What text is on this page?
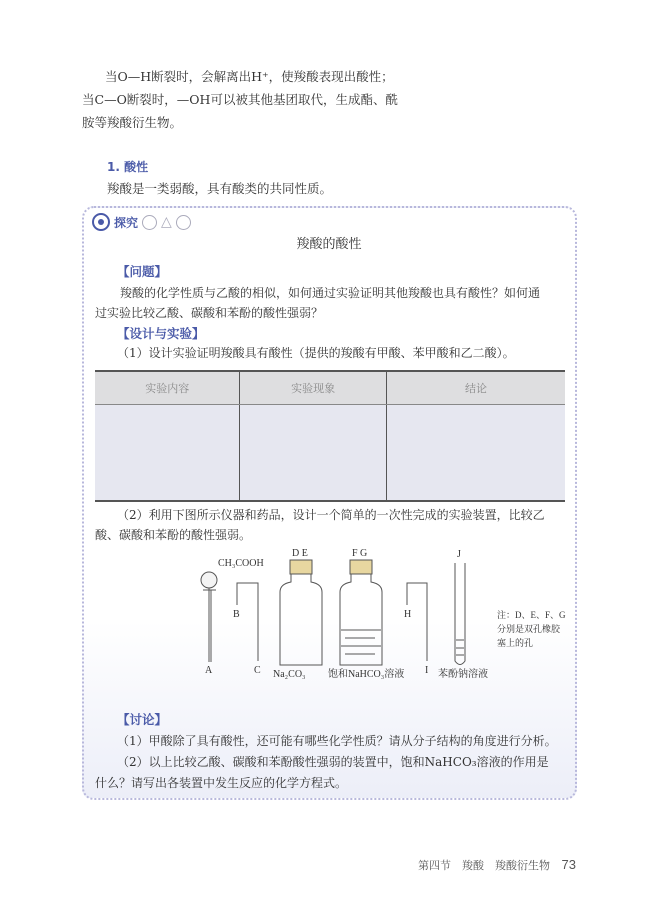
当O—H断裂时，会解离出H⁺，使羧酸表现出酸性；
当C—O断裂时，—OH可以被其他基团取代，生成酯、酰
胺等羧酸衍生物。
1. 酸性
羧酸是一类弱酸，具有酸类的共同性质。
探究 △
羧酸的酸性
【问题】
羧酸的化学性质与乙酸的相似，如何通过实验证明其他羧酸也具有酸性？如何通
过实验比较乙酸、碳酸和苯酚的酸性强弱？
【设计与实验】
（1）设计实验证明羧酸具有酸性（提供的羧酸有甲酸、苯甲酸和乙二酸）。
实验内容	实验现象	结论

（2）利用下图所示仪器和药品，设计一个简单的一次性完成的实验装置，比较乙
酸、碳酸和苯酚的酸性强弱。
CH₃COOH
A
B
C
D E	F G
H
I
J
Na₂CO₃ 饱和NaHCO₃溶液	苯酚钠溶液
注：D、E、F、G
分别是双孔橡胶
塞上的孔
【讨论】
（1）甲酸除了具有酸性，还可能有哪些化学性质？请从分子结构的角度进行分析。
（2）以上比较乙酸、碳酸和苯酚酸性强弱的装置中，饱和NaHCO₃溶液的作用是
什么？请写出各装置中发生反应的化学方程式。
第四节　羧酸　羧酸衍生物 73
